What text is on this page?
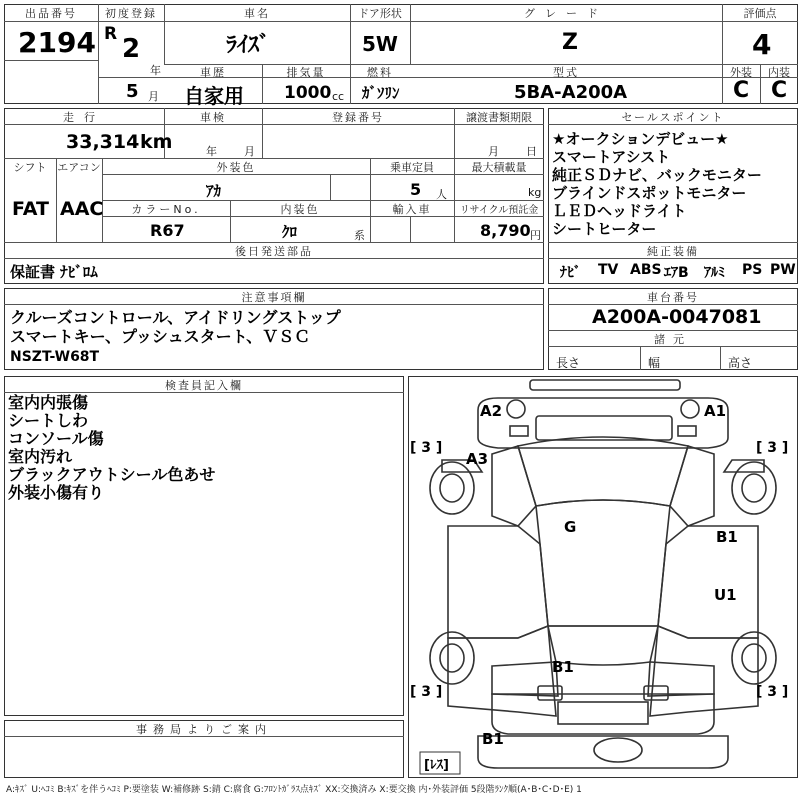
出品番号
2194
初度登録
R 2
年
5 月
車名
ﾗｲｽﾞ
ドア形状
5W
グレード
Z
評価点
4
車歴
自家用
排気量
1000 cc
燃料
ｶﾞｿﾘﾝ
型式
5BA-A200A
外装	内装
C C
走行
33,314 km
車検
年 月
登録番号	譲渡書類期限
月 日
シフト エアコン
FAT AAC
外装色
ｱｶ
乗車定員
5 人
最大積載量
kg
カラーNo.
R67
内装色
ｸﾛ	系
輸入車	リサイクル預託金
8,790 円
後日発送部品
保証書 ﾅﾋﾞﾛﾑ
セールスポイント
★オークションデビュー★
スマートアシスト
純正ＳＤナビ、バックモニター
ブラインドスポットモニター
ＬＥＤヘッドライト
シートヒーター
純正装備
ﾅﾋﾞ TV ABS ｴｱB ｱﾙﾐ PS PW
注意事項欄
クルーズコントロール、アイドリングストップ
スマートキー、プッシュスタート、ＶＳＣ
NSZT-W68T
車台番号
A200A-0047081
諸元
長さ	幅	高さ
検査員記入欄
室内内張傷
シートしわ
コンソール傷
室内汚れ
ブラックアウトシール色あせ
外装小傷有り
事務局よりご案内
A2	A1
A3
G
B1
U1
B1
B1
[ 3 ]	[ 3 ]
[ 3 ]	[ 3 ]
[ﾚｽ]
A:ｷｽﾞ U:ﾍｺﾐ B:ｷｽﾞを伴うﾍｺﾐ P:要塗装 W:補修跡 S:錆 C:腐食 G:ﾌﾛﾝﾄｶﾞﾗｽ点ｷｽﾞ XX:交換済み X:要交換 内･外装評価 5段階ﾗﾝｸ順(A･B･C･D･E) 1
